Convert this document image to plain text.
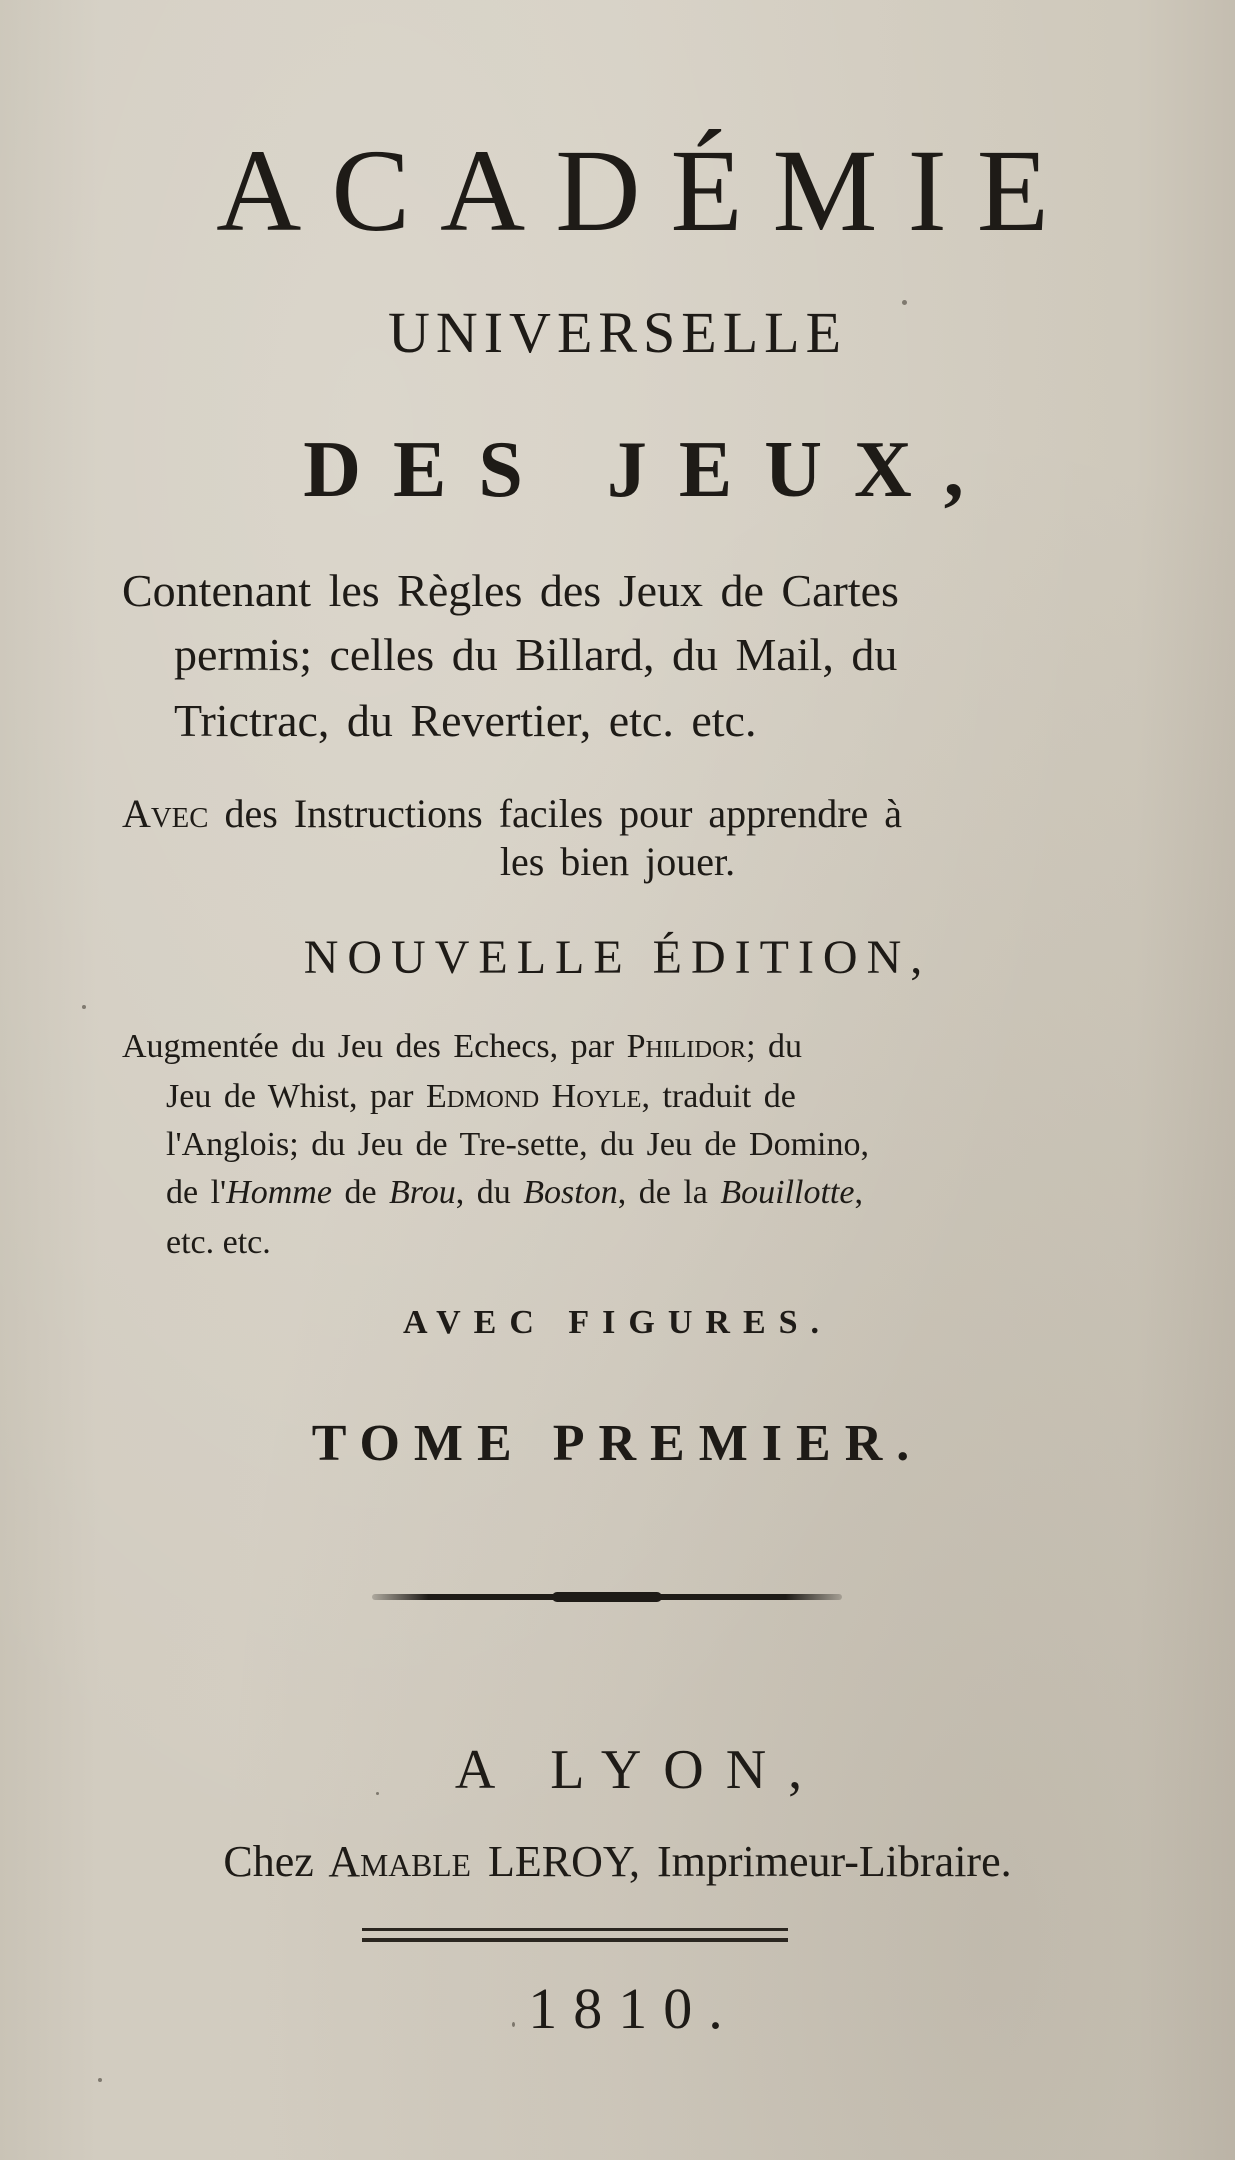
ACADÉMIE
UNIVERSELLE
DES JEUX,
Contenant les Règles des Jeux de Cartes
permis; celles du Billard, du Mail, du
Trictrac, du Revertier, etc. etc.
AVEC des Instructions faciles pour apprendre à
les bien jouer.
NOUVELLE ÉDITION,
Augmentée du Jeu des Echecs, par PHILIDOR; du
Jeu de Whist, par EDMOND HOYLE, traduit de
l'Anglois; du Jeu de Tre-sette, du Jeu de Domino,
de l'Homme de Brou, du Boston, de la Bouillotte,
etc. etc.
AVEC FIGURES.
TOME PREMIER.
A LYON,
Chez AMABLE LEROY, Imprimeur-Libraire.
1810.
